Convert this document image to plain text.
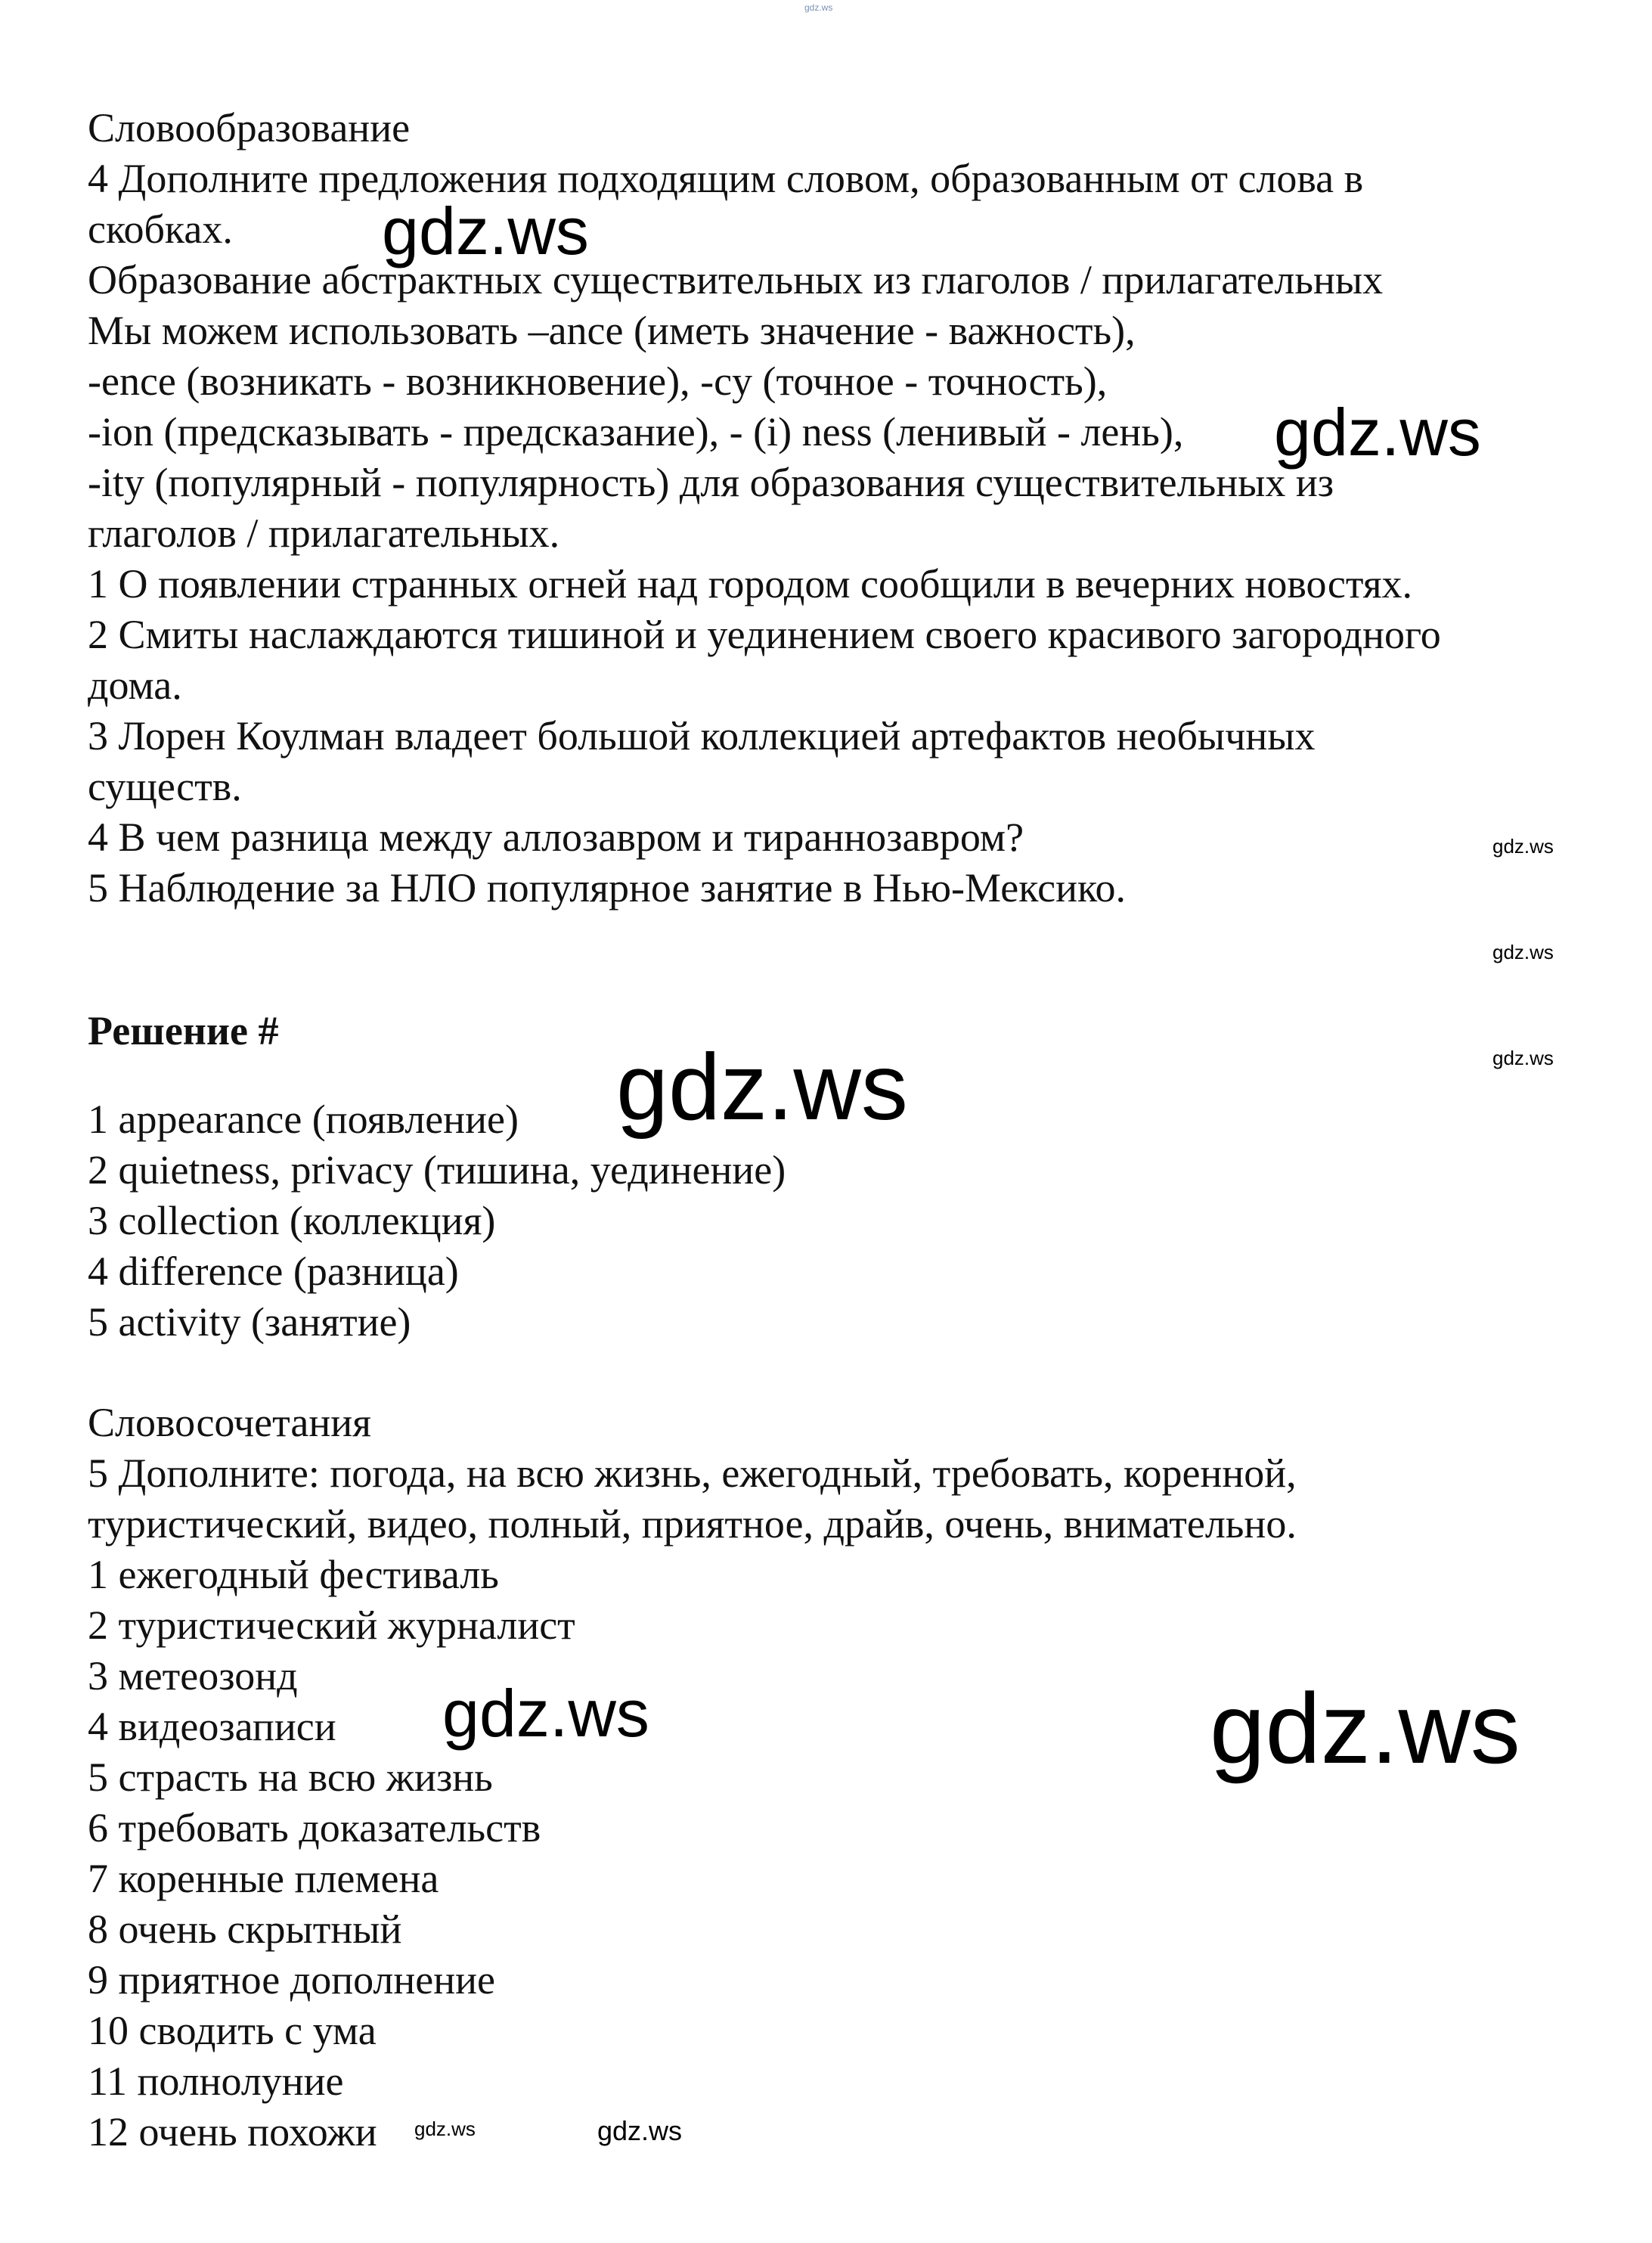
gdz.ws
Словообразование
4 Дополните предложения подходящим словом, образованным от слова в
скобках.
Образование абстрактных существительных из глаголов / прилагательных
Мы можем использовать –ance (иметь значение - важность),
-ence (возникать - возникновение), -cy (точное - точность),
-ion (предсказывать - предсказание), - (i) ness (ленивый - лень),
-ity (популярный - популярность) для образования существительных из
глаголов / прилагательных.
1 О появлении странных огней над городом сообщили в вечерних новостях.
2 Смиты наслаждаются тишиной и уединением своего красивого загородного
дома.
3 Лорен Коулман владеет большой коллекцией артефактов необычных
существ.
4 В чем разница между аллозавром и тираннозавром?
5 Наблюдение за НЛО популярное занятие в Нью-Мексико.
Решение #
1 appearance (появление)
2 quietness, privacy (тишина, уединение)
3 collection (коллекция)
4 difference (разница)
5 activity (занятие)
Словосочетания
5 Дополните: погода, на всю жизнь, ежегодный, требовать, коренной,
туристический, видео, полный, приятное, драйв, очень, внимательно.
1 ежегодный фестиваль
2 туристический журналист
3 метеозонд
4 видеозаписи
5 страсть на всю жизнь
6 требовать доказательств
7 коренные племена
8 очень скрытный
9 приятное дополнение
10 сводить с ума
11 полнолуние
12 очень похожи
gdz.ws
gdz.ws
gdz.ws
gdz.ws
gdz.ws
gdz.ws
gdz.ws	gdz.ws
gdz.ws	gdz.ws
